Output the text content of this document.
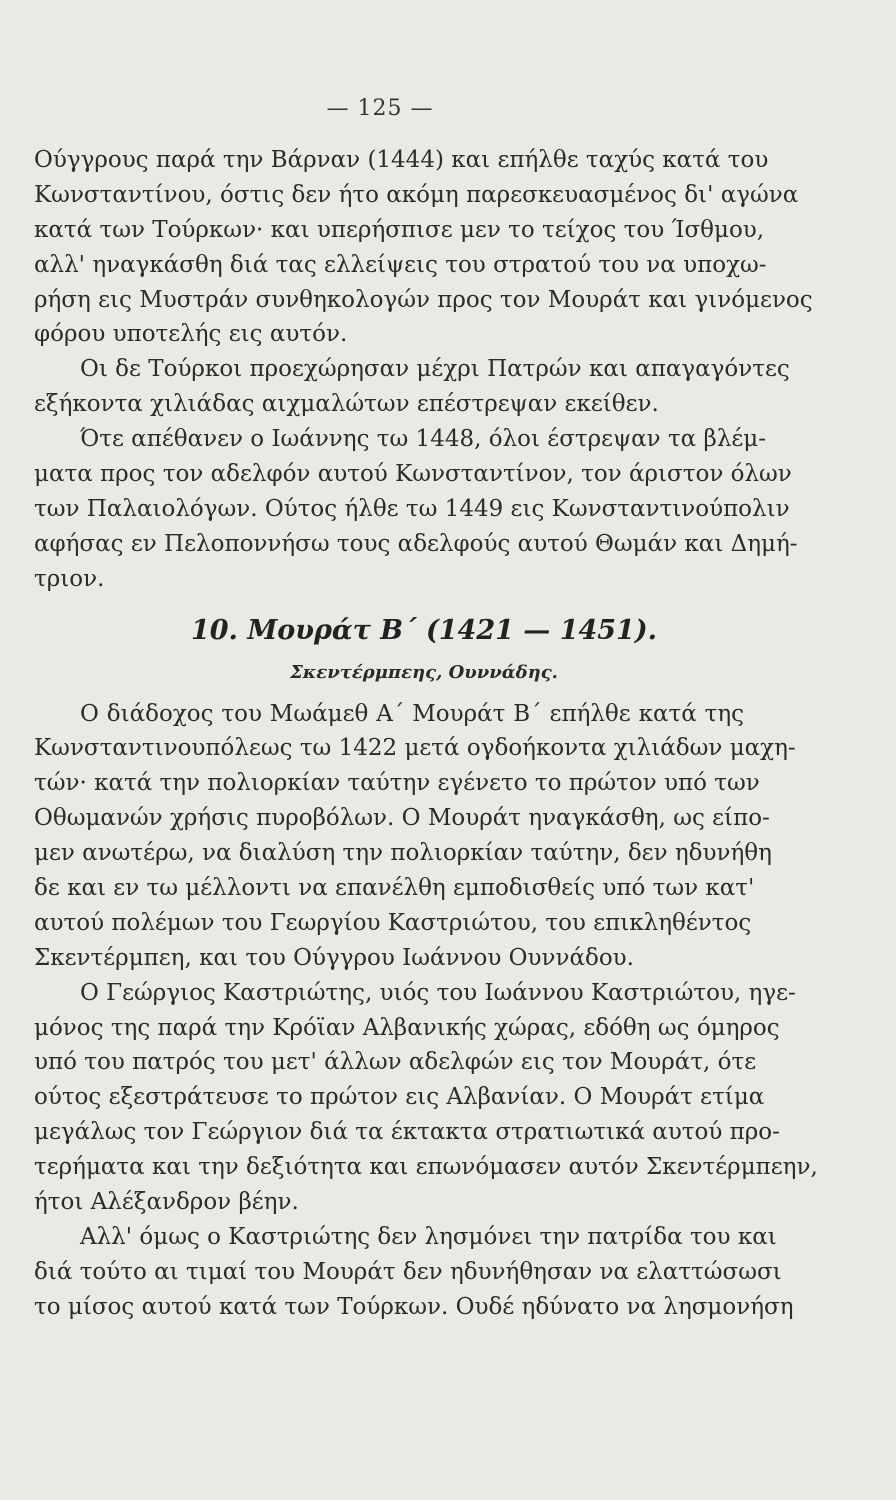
— 125 —
Ούγγρους παρά την Βάρναν (1444) και επήλθε ταχύς κατά του
Κωνσταντίνου, όστις δεν ήτο ακόμη παρεσκευασμένος δι' αγώνα
κατά των Τούρκων· και υπερήσπισε μεν το τείχος του Ίσθμου,
αλλ' ηναγκάσθη διά τας ελλείψεις του στρατού του να υποχω-
ρήση εις Μυστράν συνθηκολογών προς τον Μουράτ και γινόμενος
φόρου υποτελής εις αυτόν.
Οι δε Τούρκοι προεχώρησαν μέχρι Πατρών και απαγαγόντες
εξήκοντα χιλιάδας αιχμαλώτων επέστρεψαν εκείθεν.
Ότε απέθανεν ο Ιωάννης τω 1448, όλοι έστρεψαν τα βλέμ-
ματα προς τον αδελφόν αυτού Κωνσταντίνον, τον άριστον όλων
των Παλαιολόγων. Ούτος ήλθε τω 1449 εις Κωνσταντινούπολιν
αφήσας εν Πελοποννήσω τους αδελφούς αυτού Θωμάν και Δημή-
τριον.
10. Μουράτ Β΄ (1421 — 1451).
Σκεντέρμπεης, Ουννάδης.
Ο διάδοχος του Μωάμεθ Α΄ Μουράτ Β΄ επήλθε κατά της
Κωνσταντινουπόλεως τω 1422 μετά ογδοήκοντα χιλιάδων μαχη-
τών· κατά την πολιορκίαν ταύτην εγένετο το πρώτον υπό των
Οθωμανών χρήσις πυροβόλων. Ο Μουράτ ηναγκάσθη, ως είπο-
μεν ανωτέρω, να διαλύση την πολιορκίαν ταύτην, δεν ηδυνήθη
δε και εν τω μέλλοντι να επανέλθη εμποδισθείς υπό των κατ'
αυτού πολέμων του Γεωργίου Καστριώτου, του επικληθέντος
Σκεντέρμπεη, και του Ούγγρου Ιωάννου Ουννάδου.
Ο Γεώργιος Καστριώτης, υιός του Ιωάννου Καστριώτου, ηγε-
μόνος της παρά την Κρόϊαν Αλβανικής χώρας, εδόθη ως όμηρος
υπό του πατρός του μετ' άλλων αδελφών εις τον Μουράτ, ότε
ούτος εξεστράτευσε το πρώτον εις Αλβανίαν. Ο Μουράτ ετίμα
μεγάλως τον Γεώργιον διά τα έκτακτα στρατιωτικά αυτού προ-
τερήματα και την δεξιότητα και επωνόμασεν αυτόν Σκεντέρμπεην,
ήτοι Αλέξανδρον βέην.
Αλλ' όμως ο Καστριώτης δεν λησμόνει την πατρίδα του και
διά τούτο αι τιμαί του Μουράτ δεν ηδυνήθησαν να ελαττώσωσι
το μίσος αυτού κατά των Τούρκων. Ουδέ ηδύνατο να λησμονήση
